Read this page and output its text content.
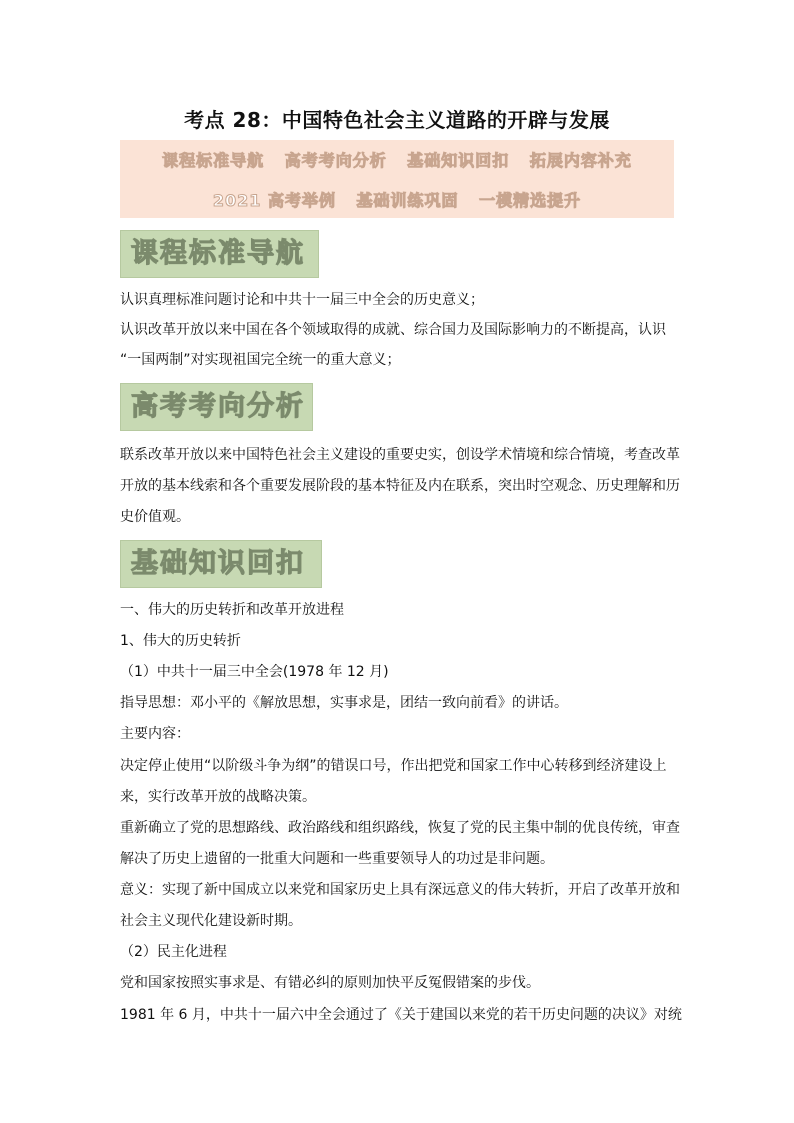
考点 28：中国特色社会主义道路的开辟与发展
课程标准导航 高考考向分析 基础知识回扣 拓展内容补充
2021 高考举例 基础训练巩固 一模精选提升
课程标准导航
认识真理标准问题讨论和中共十一届三中全会的历史意义；
认识改革开放以来中国在各个领域取得的成就、综合国力及国际影响力的不断提高，认识
“一国两制”对实现祖国完全统一的重大意义；
高考考向分析
联系改革开放以来中国特色社会主义建设的重要史实，创设学术情境和综合情境，考查改革
开放的基本线索和各个重要发展阶段的基本特征及内在联系，突出时空观念、历史理解和历
史价值观。
基础知识回扣
一、伟大的历史转折和改革开放进程
1、伟大的历史转折
（1）中共十一届三中全会(1978 年 12 月)
指导思想：邓小平的《解放思想，实事求是，团结一致向前看》的讲话。
主要内容：
决定停止使用“以阶级斗争为纲”的错误口号，作出把党和国家工作中心转移到经济建设上
来，实行改革开放的战略决策。
重新确立了党的思想路线、政治路线和组织路线，恢复了党的民主集中制的优良传统，审查
解决了历史上遗留的一批重大问题和一些重要领导人的功过是非问题。
意义：实现了新中国成立以来党和国家历史上具有深远意义的伟大转折，开启了改革开放和
社会主义现代化建设新时期。
（2）民主化进程
党和国家按照实事求是、有错必纠的原则加快平反冤假错案的步伐。
1981 年 6 月，中共十一届六中全会通过了《关于建国以来党的若干历史问题的决议》对统
